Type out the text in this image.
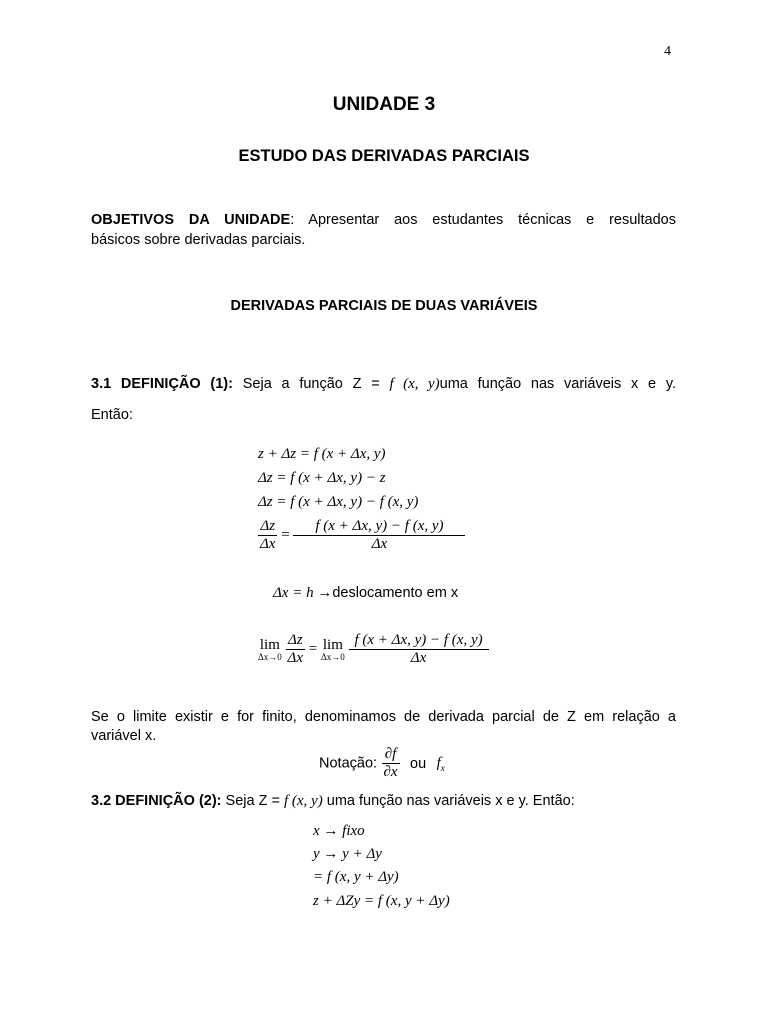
4
UNIDADE 3
ESTUDO DAS DERIVADAS PARCIAIS
OBJETIVOS DA UNIDADE: Apresentar aos estudantes técnicas e resultados
básicos sobre derivadas parciais.
DERIVADAS PARCIAIS DE DUAS VARIÁVEIS
3.1 DEFINIÇÃO (1): Seja a função Z = f (x, y)uma função nas variáveis x e y.
Então:
z + Δz = f (x + Δx, y)
Δz = f (x + Δx, y) − z
Δz = f (x + Δx, y) − f (x, y)
$\frac{\Delta z}{\Delta x} = \frac{f (x + \Delta x, y) - f (x, y)}{\Delta x}$
Δx = h →deslocamento em x
lim
Δx→0
$\frac{\Delta z}{\Delta x} = \lim$
Δx→0
$\frac{f (x + \Delta x, y) - f (x, y)}{\Delta x}$
Se o limite existir e for finito, denominamos de derivada parcial de Z em relação a
variável x.
Notação: $\frac{\partial f}{\partial x}$ ou $f_x$
3.2 DEFINIÇÃO (2): Seja Z = f (x, y) uma função nas variáveis x e y. Então:
x → fixo
y → y + Δy
= f (x, y + Δy)
z + ΔZy = f (x, y + Δy)
